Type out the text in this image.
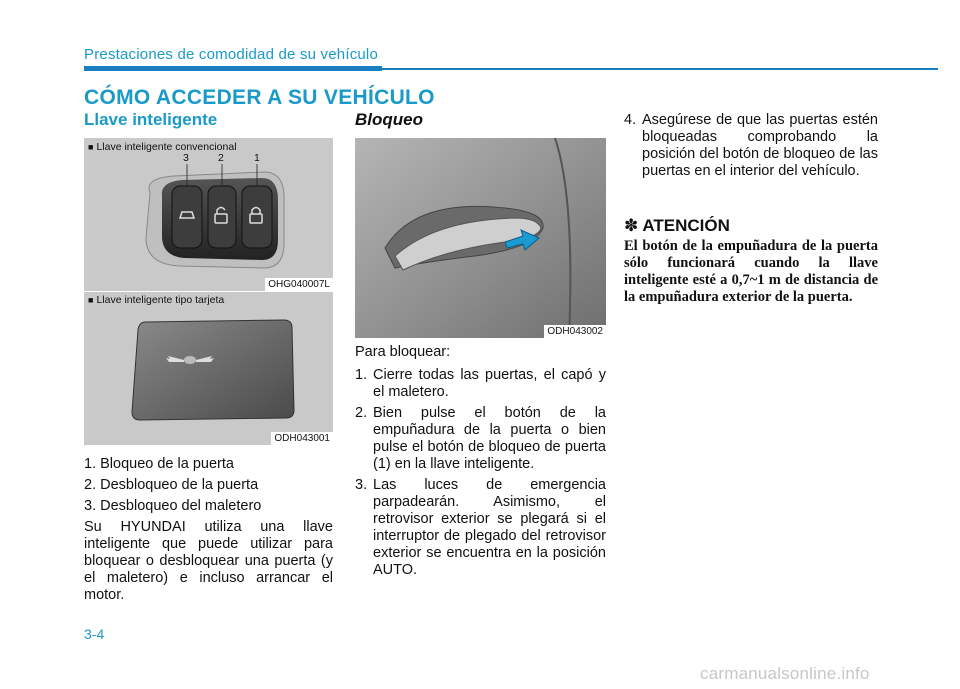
Prestaciones de comodidad de su vehículo
CÓMO ACCEDER A SU VEHÍCULO
Llave inteligente
■ Llave inteligente convencional
3	2	1
OHG040007L
■ Llave inteligente tipo tarjeta
ODH043001

1. Bloqueo de la puerta

2. Desbloqueo de la puerta

3. Desbloqueo del maletero

Su HYUNDAI utiliza una llave inteligente que puede utilizar para bloquear o desbloquear una puerta (y el maletero) e incluso arrancar el motor.

Bloqueo
ODH043002

Para bloquear:

1. Cierre todas las puertas, el capó y el maletero.
2. Bien pulse el botón de la empuñadura de la puerta o bien pulse el botón de bloqueo de puerta (1) en la llave inteligente.
3. Las luces de emergencia parpadearán. Asimismo, el retrovisor exterior se plegará si el interruptor de plegado del retrovisor exterior se encuentra en la posición AUTO.
4. Asegúrese de que las puertas estén bloqueadas comprobando la posición del botón de bloqueo de las puertas en el interior del vehículo.
✽ ATENCIÓN
El botón de la empuñadura de la puerta sólo funcionará cuando la llave inteligente esté a 0,7~1 m de distancia de la empuñadura exterior de la puerta.
3-4
carmanualsonline.info
